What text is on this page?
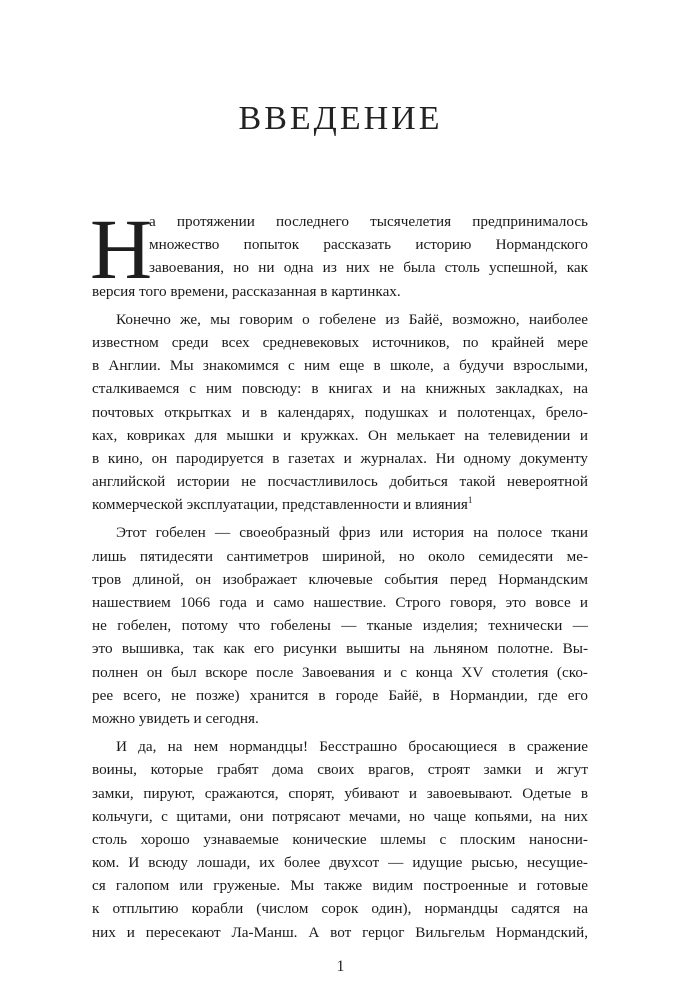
ВВЕДЕНИЕ
Н
а протяжении последнего тысячелетия предпринималось
множество попыток рассказать историю Нормандского
завоевания, но ни одна из них не была столь успешной, как
версия того времени, рассказанная в картинках.
Конечно же, мы говорим о гобелене из Байё, возможно, наиболее
известном среди всех средневековых источников, по крайней мере
в Англии. Мы знакомимся с ним еще в школе, а будучи взрослыми,
сталкиваемся с ним повсюду: в книгах и на книжных закладках, на
почтовых открытках и в календарях, подушках и полотенцах, брело-
ках, ковриках для мышки и кружках. Он мелькает на телевидении и
в кино, он пародируется в газетах и журналах. Ни одному документу
английской истории не посчастливилось добиться такой невероятной
коммерческой эксплуатации, представленности и влияния$^1$
Этот гобелен — своеобразный фриз или история на полосе ткани
лишь пятидесяти сантиметров шириной, но около семидесяти ме-
тров длиной, он изображает ключевые события перед Нормандским
нашествием 1066 года и само нашествие. Строго говоря, это вовсе и
не гобелен, потому что гобелены — тканые изделия; технически —
это вышивка, так как его рисунки вышиты на льняном полотне. Вы-
полнен он был вскоре после Завоевания и с конца XV столетия (ско-
рее всего, не позже) хранится в городе Байё, в Нормандии, где его
можно увидеть и сегодня.
И да, на нем нормандцы! Бесстрашно бросающиеся в сражение
воины, которые грабят дома своих врагов, строят замки и жгут
замки, пируют, сражаются, спорят, убивают и завоевывают. Одетые в
кольчуги, с щитами, они потрясают мечами, но чаще копьями, на них
столь хорошо узнаваемые конические шлемы с плоским наносни-
ком. И всюду лошади, их более двухсот — идущие рысью, несущие-
ся галопом или груженые. Мы также видим построенные и готовые
к отплытию корабли (числом сорок один), нормандцы садятся на
них и пересекают Ла-Манш. А вот герцог Вильгельм Нормандский,
1
